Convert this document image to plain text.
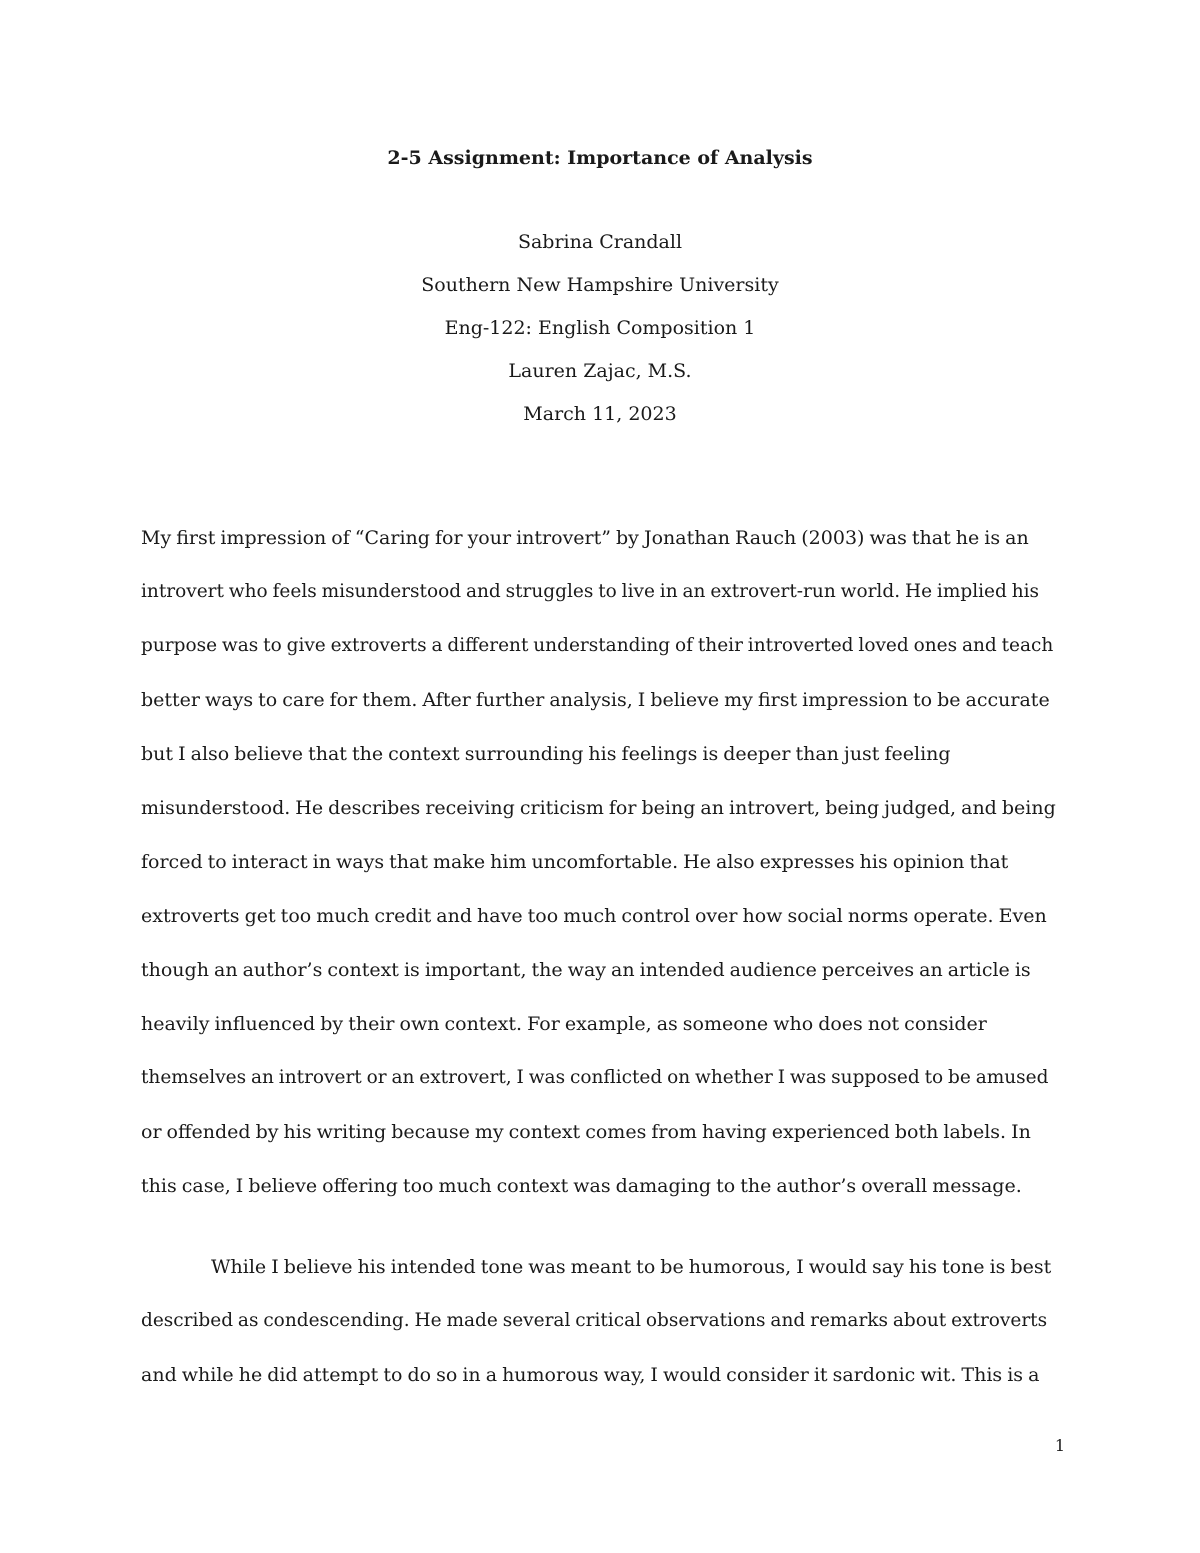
2-5 Assignment: Importance of Analysis
Sabrina Crandall
Southern New Hampshire University
Eng-122: English Composition 1
Lauren Zajac, M.S.
March 11, 2023
My first impression of “Caring for your introvert” by Jonathan Rauch (2003) was that he is an
introvert who feels misunderstood and struggles to live in an extrovert-run world. He implied his
purpose was to give extroverts a different understanding of their introverted loved ones and teach
better ways to care for them. After further analysis, I believe my first impression to be accurate
but I also believe that the context surrounding his feelings is deeper than just feeling
misunderstood. He describes receiving criticism for being an introvert, being judged, and being
forced to interact in ways that make him uncomfortable. He also expresses his opinion that
extroverts get too much credit and have too much control over how social norms operate. Even
though an author’s context is important, the way an intended audience perceives an article is
heavily influenced by their own context. For example, as someone who does not consider
themselves an introvert or an extrovert, I was conflicted on whether I was supposed to be amused
or offended by his writing because my context comes from having experienced both labels. In
this case, I believe offering too much context was damaging to the author’s overall message.
While I believe his intended tone was meant to be humorous, I would say his tone is best
described as condescending. He made several critical observations and remarks about extroverts
and while he did attempt to do so in a humorous way, I would consider it sardonic wit. This is a
1
